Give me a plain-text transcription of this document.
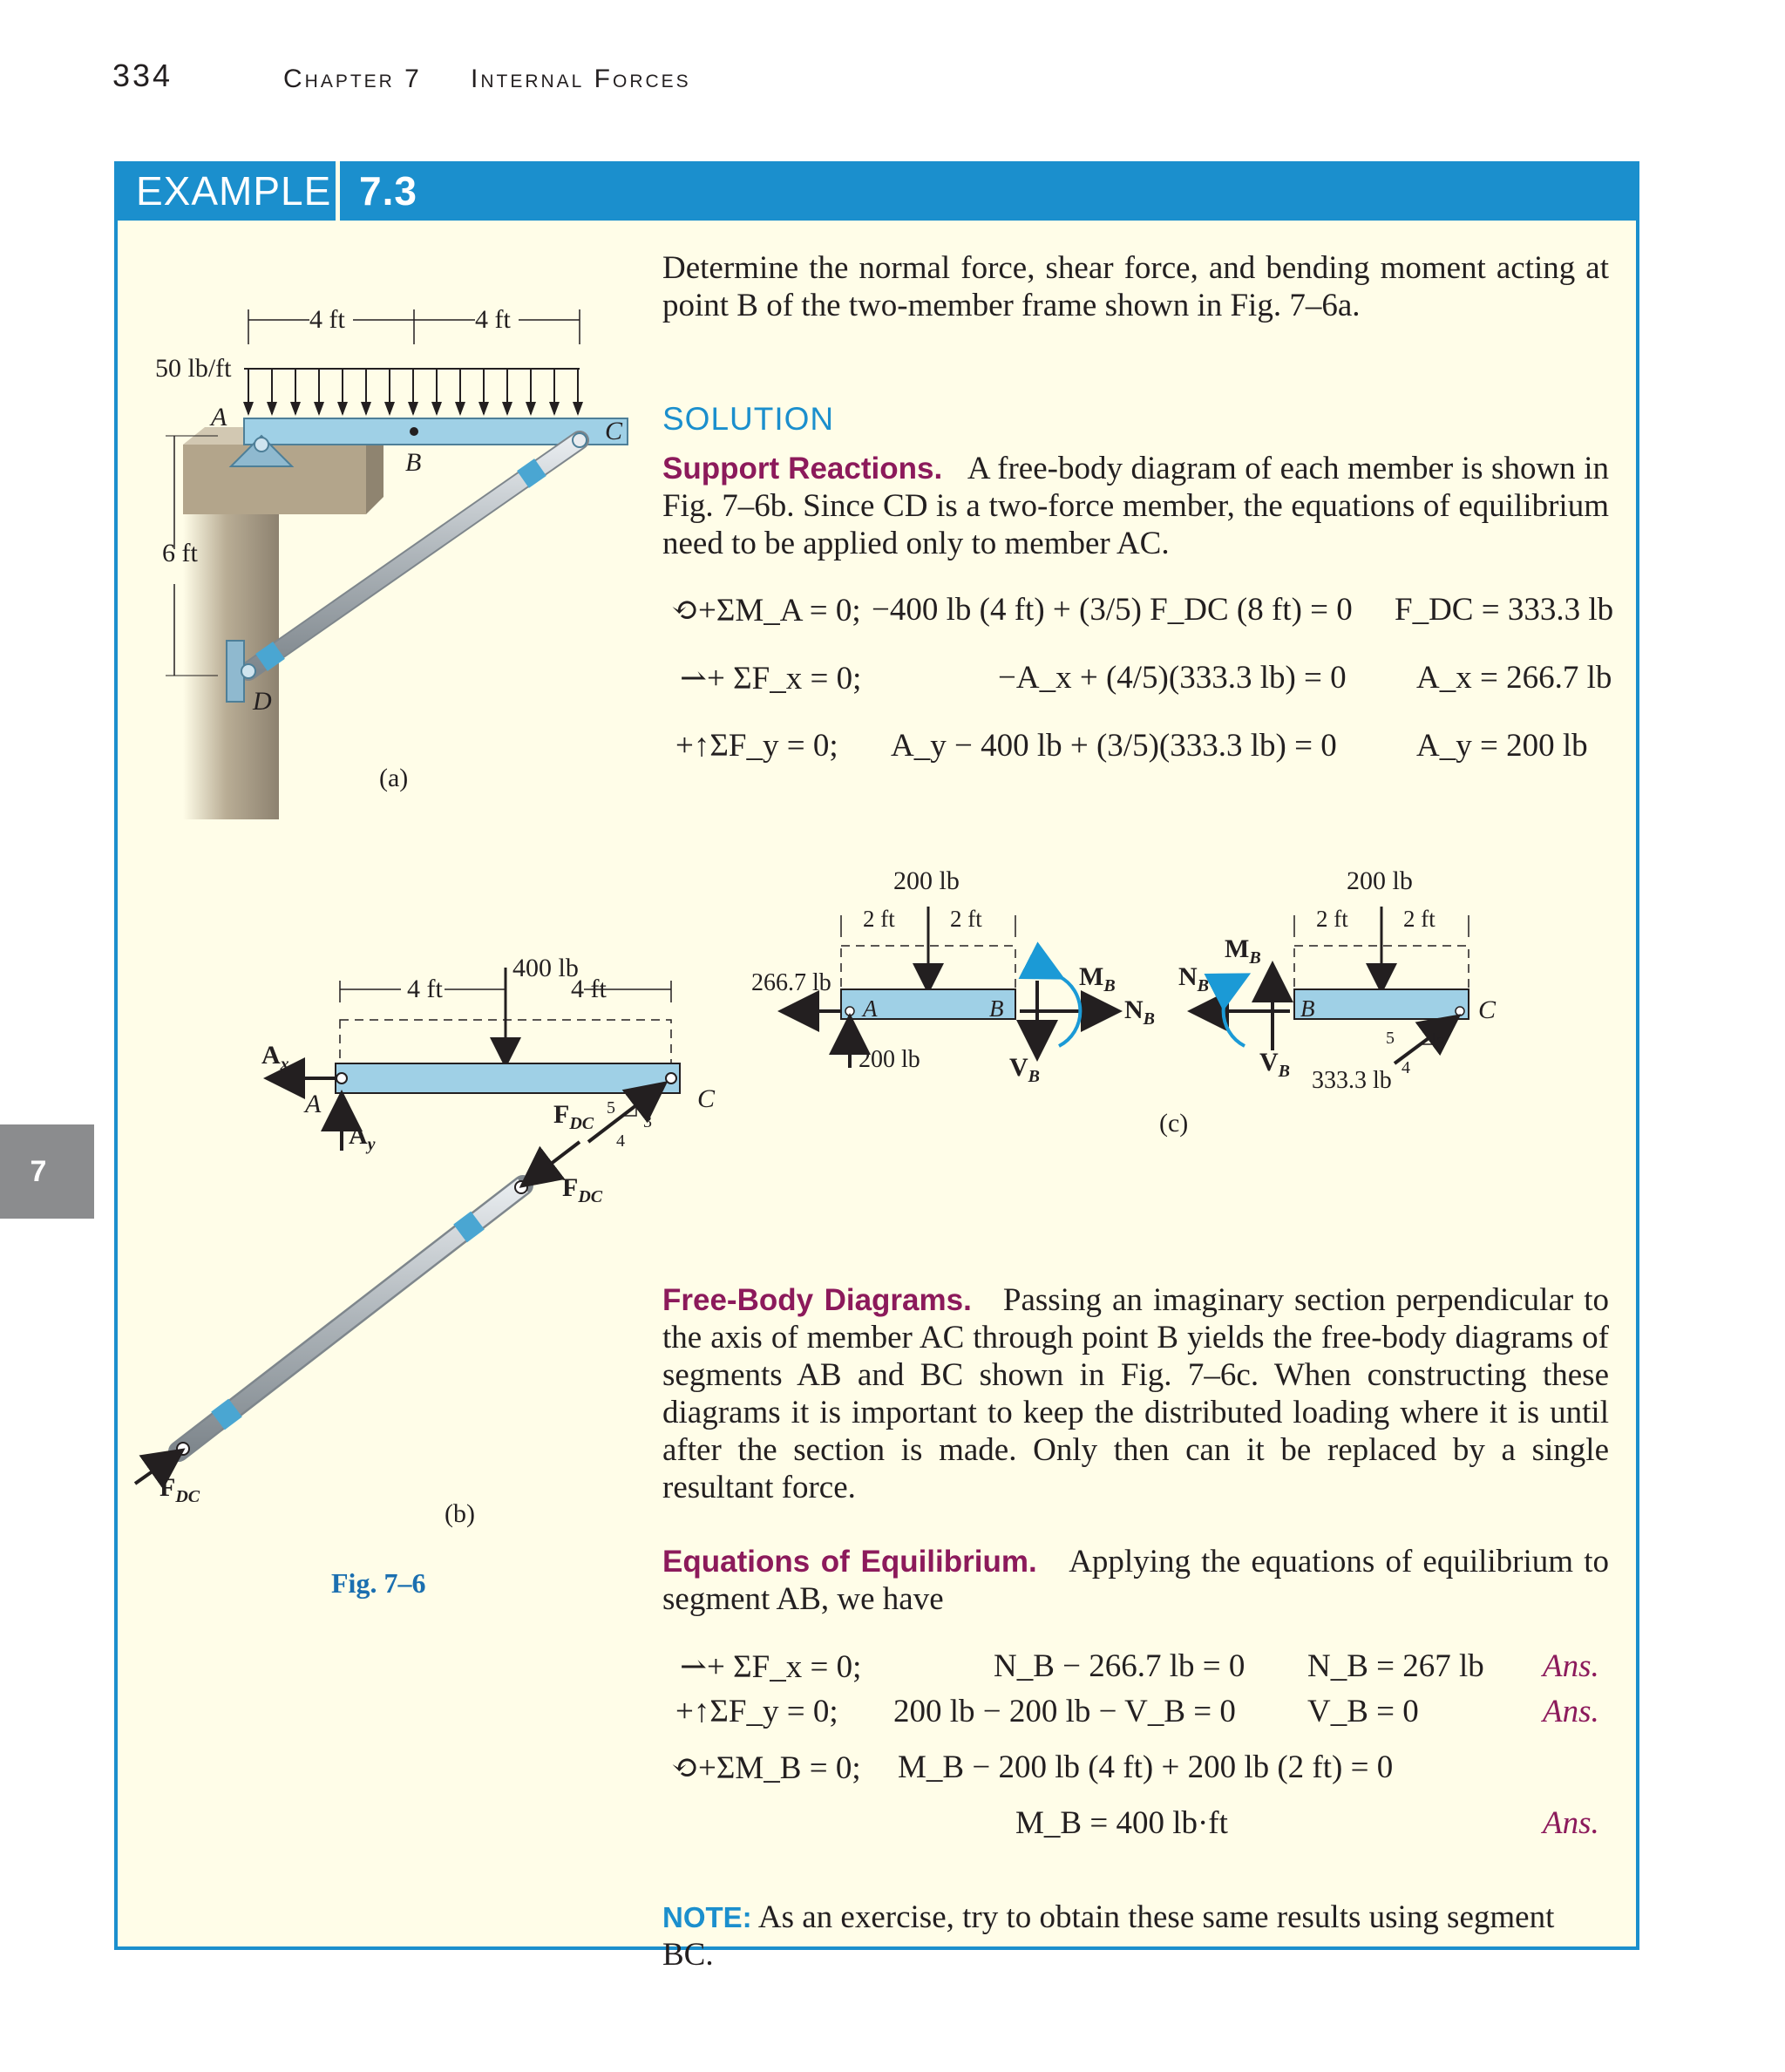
334	Chapter 7 Internal Forces
EXAMPLE 7.3
7
Determine the normal force, shear force, and bending moment acting at point B of the two-member frame shown in Fig. 7–6a.
SOLUTION
Support Reactions. A free-body diagram of each member is shown in Fig. 7–6b. Since CD is a two-force member, the equations of equilibrium need to be applied only to member AC.
⟲+ΣM_A = 0; −400 lb (4 ft) + (3/5) F_DC (8 ft) = 0 F_DC = 333.3 lb
⇀+ ΣF_x = 0;	−A_x + (4/5)(333.3 lb) = 0 A_x = 266.7 lb
+↑ΣF_y = 0; A_y − 400 lb + (3/5)(333.3 lb) = 0 A_y = 200 lb
Free-Body Diagrams. Passing an imaginary section perpendicular to the axis of member AC through point B yields the free-body diagrams of segments AB and BC shown in Fig. 7–6c. When constructing these diagrams it is important to keep the distributed loading where it is until after the section is made. Only then can it be replaced by a single resultant force.
Equations of Equilibrium. Applying the equations of equilibrium to segment AB, we have
⇀+ ΣF_x = 0;	N_B − 266.7 lb = 0 N_B = 267 lb Ans.
+↑ΣF_y = 0; 200 lb − 200 lb − V_B = 0 V_B = 0	Ans.
⟲+ΣM_B = 0; M_B − 200 lb (4 ft) + 200 lb (2 ft) = 0
M_B = 400 lb·ft	Ans.
NOTE: As an exercise, try to obtain these same results using segment BC.
4 ft	4 ft
50 lb/ft
6 ft
A
B
C
D
(a)
400 lb
4 ft	4 ft
$A_x$
A
$A_y$
$F_{DC}$
5
3
4
C
$F_{DC}$
$F_{DC}$
(b)
Fig. 7–6
200 lb
2 ft 2 ft
266.7 lb
200 lb
A	B
$M_B$
$N_B$
$V_B$
200 lb
2 ft 2 ft
$M_B$
$N_B$
$V_B$
B	C
5 3
4
333.3 lb
(c)
